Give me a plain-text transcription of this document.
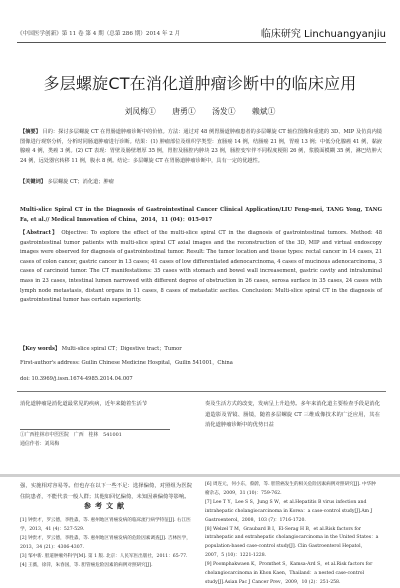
《中国医学创新》第 11 卷 第 4 期（总第 286 期）2014 年 2 月	临床研究 Linchuangyanjiu
多层螺旋CT在消化道肿瘤诊断中的临床应用
刘凤梅① 唐勇① 汤发① 赖斌①

【摘要】 目的：探讨多层螺旋 CT 在胃肠道肿瘤诊断中的价值。方法：通过对 48 例胃肠道肿瘤患者的多层螺旋 CT 轴位图像和重建的 3D、MIP 及仿真内镜图像进行观察分析，分析时同肠道肿瘤进行诊断。结果：(1) 肿瘤部位及组织学类型：直肠癌 14 例，结肠癌 21 例，胃癌 13 例；中低分化腺癌 41 例，黏液腺癌 4 例，类癌 3 例。(2) CT 表现：胃壁及肠壁增厚 35 例，胃腔及肠腔内肿块 23 例，肠腔变窄伴不同程度梗阻 26 例，浆膜面模糊 35 例，淋巴结肿大 24 例，远处器官转移 11 例，腹水 8 例。结论：多层螺旋 CT 在胃肠道肿瘤诊断中，具有一定的优越性。

【关键词】 多层螺旋 CT；消化道；肿瘤

Multi-slice Spiral CT in the Diagnosis of Gastrointestinal Cancer Clinical Application/LIU Feng-mei, TANG Yong, TANG Fa, et al.// Medical Innovation of China，2014，11 (04)：015-017

【Abstract】 Objective: To explore the effect of the multi-slice spiral CT in the diagnosis of gastrointestinal tumors. Method: 48 gastrointestinal tumor patients with multi-slice spiral CT axial images and the reconstruction of the 3D, MIP and virtual endoscopy images were observed for diagnosis of gastrointestinal tumor. Result: The tumor location and tissue types: rectal cancer in 14 cases, 21 cases of colon cancer, gastric cancer in 13 cases; 41 cases of low differentiated adenocarcinoma, 4 cases of mucinous adenocarcinoma, 3 cases of carcinoid tumor. The CT manifestations: 35 cases with stomach and bowel wall increasement, gastric cavity and intraluminal mass in 23 cases, intestinal lumen narrowed with different degree of obstruction in 26 cases, serosa surface in 35 cases, 24 cases with lymph node metastasis, distant organs in 11 cases, 8 cases of metastatic ascites. Conclusion: Multi-slice spiral CT in the diagnosis of gastrointestinal tumor has certain superiority.

【Key words】 Multi-slice spiral CT；Digestive tract；Tumor

First-author's address: Guilin Chinese Medicine Hospital，Guilin 541001，China

doi: 10.3969/j.issn.1674-4985.2014.04.007

消化道肿瘤是消化道最常见的疾病，近年来随着生活节	奏及生活方式的改变，发病呈上升趋势。多年来消化道主要检查手段是消化道造影及胃镜、肠镜，随着多层螺旋 CT 三维成像技术的广泛应用，其在消化道肿瘤诊断中的优势日益

①广西桂林市中医医院　广西　桂林　541001
通信作者：刘凤梅

强，实施相对容易等。但也存在以下一些不足：选择偏倚，对照组为医院住院患者，不能代表一般人群；其他如回忆偏倚，未知因素偏倚等影响。

参考文献
[1] 钟贵才，罗云德，李胜淼，等. 惠州地区胃癌发病的临床流行病学特征[J]. 右江医学，2013，41 (4)：527-529.
[2] 钟贵才，罗云德，李胜淼，等. 惠州地区胃癌发病的危险因素调查[J]. 吉林医学，2013，34 (21)：4306-4307.
[3] 邹中新. 胆道肿瘤外科学[M]. 第 1 版. 北京：人民军医出版社，2011：65-77.
[4] 王薇，徐萍，朱春国，等. 胆管癌危险因素的病例对照研究[J].
[6] 周连元，何小东，蔡蔚，等. 胆管癌发生的相关危险因素病例对照研究[J]. 中华肿瘤杂志，2009，31 (10)：759-762.
[7] Lee T Y，Lee S S，Jung S W，et al.Hepatitis B virus infection and intrahepatic cholangiocarcinoma in Korea：a case-control study[J].Am J Gastroenterol，2008，103 (7)：1716-1720.
[8] Welzel T M，Graubard B I，El-Serag H B，et al.Risk factors for intrahepatic and extrahepatic cholangiocarcinoma in the United States：a population-based case-control study[J]. Clin Gastroenterol Hepatol，2007，5 (10)：1221-1228.
[9] Poomphakwaen K，Promthet S，Kamsa-Ard S，et al.Risk factors for cholangiocarcinoma in Khon Kaen，Thailand：a nested case-control study[J].Asian Pac J Cancer Prev，2009，10 (2)：251-258.
